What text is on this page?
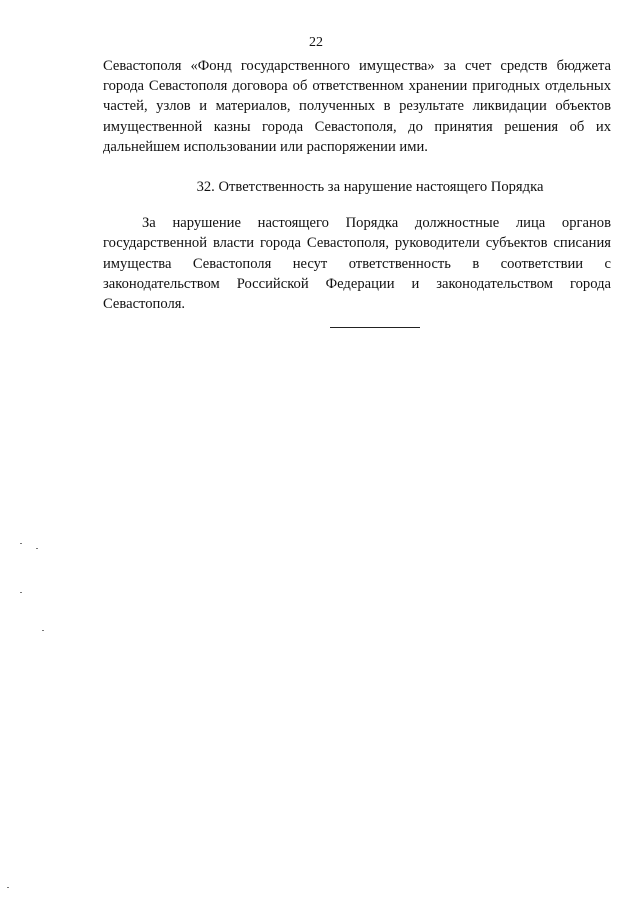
22

Севастополя «Фонд государственного имущества» за счет средств бюджета города Севастополя договора об ответственном хранении пригодных отдельных частей, узлов и материалов, полученных в результате ликвидации объектов имущественной казны города Севастополя, до принятия решения об их дальнейшем использовании или распоряжении ими.

32. Ответственность за нарушение настоящего Порядка

За нарушение настоящего Порядка должностные лица органов государственной власти города Севастополя, руководители субъектов списания имущества Севастополя несут ответственность в соответствии с законодательством Российской Федерации и законодательством города Севастополя.
